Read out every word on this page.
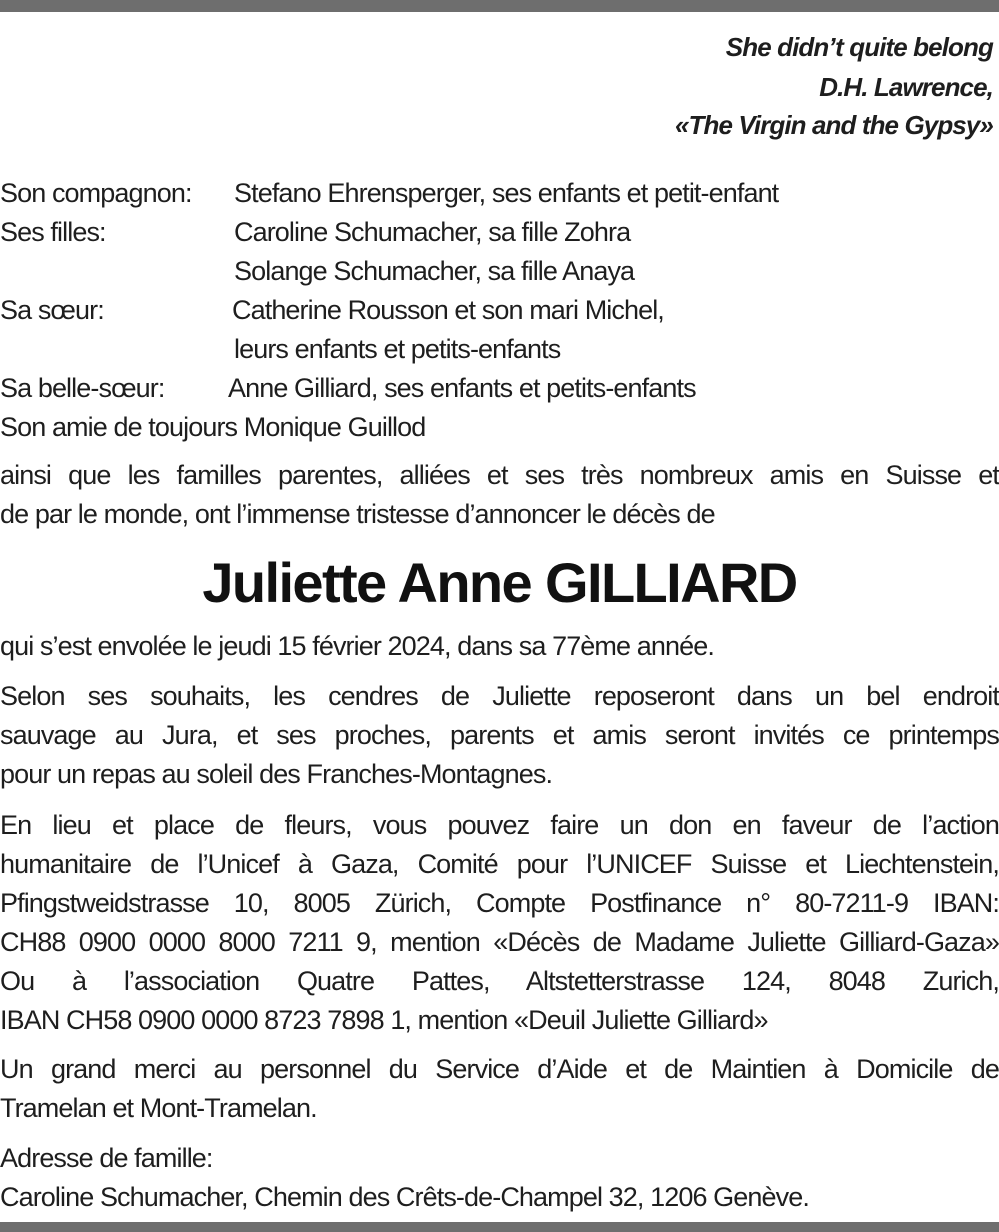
She didn’t quite belong
D.H. Lawrence,
«The Virgin and the Gypsy»
Son compagnon: Stefano Ehrensperger, ses enfants et petit-enfant
Ses filles:	Caroline Schumacher, sa fille Zohra
Solange Schumacher, sa fille Anaya
Sa sœur:	Catherine Rousson et son mari Michel,
leurs enfants et petits-enfants
Sa belle-sœur: Anne Gilliard, ses enfants et petits-enfants
Son amie de toujours Monique Guillod
ainsi que les familles parentes, alliées et ses très nombreux amis en Suisse et
de par le monde, ont l’immense tristesse d’annoncer le décès de
Juliette Anne GILLIARD
qui s’est envolée le jeudi 15 février 2024, dans sa 77ème année.
Selon ses souhaits, les cendres de Juliette reposeront dans un bel endroit
sauvage au Jura, et ses proches, parents et amis seront invités ce printemps
pour un repas au soleil des Franches-Montagnes.
En lieu et place de fleurs, vous pouvez faire un don en faveur de l’action
humanitaire de l’Unicef à Gaza, Comité pour l’UNICEF Suisse et Liechtenstein,
Pfingstweidstrasse 10, 8005 Zürich, Compte Postfinance n° 80-7211-9 IBAN:
CH88 0900 0000 8000 7211 9, mention «Décès de Madame Juliette Gilliard-Gaza»
Ou à l’association Quatre Pattes, Altstetterstrasse 124, 8048 Zurich,
IBAN CH58 0900 0000 8723 7898 1, mention «Deuil Juliette Gilliard»
Un grand merci au personnel du Service d’Aide et de Maintien à Domicile de
Tramelan et Mont-Tramelan.
Adresse de famille:
Caroline Schumacher, Chemin des Crêts-de-Champel 32, 1206 Genève.
